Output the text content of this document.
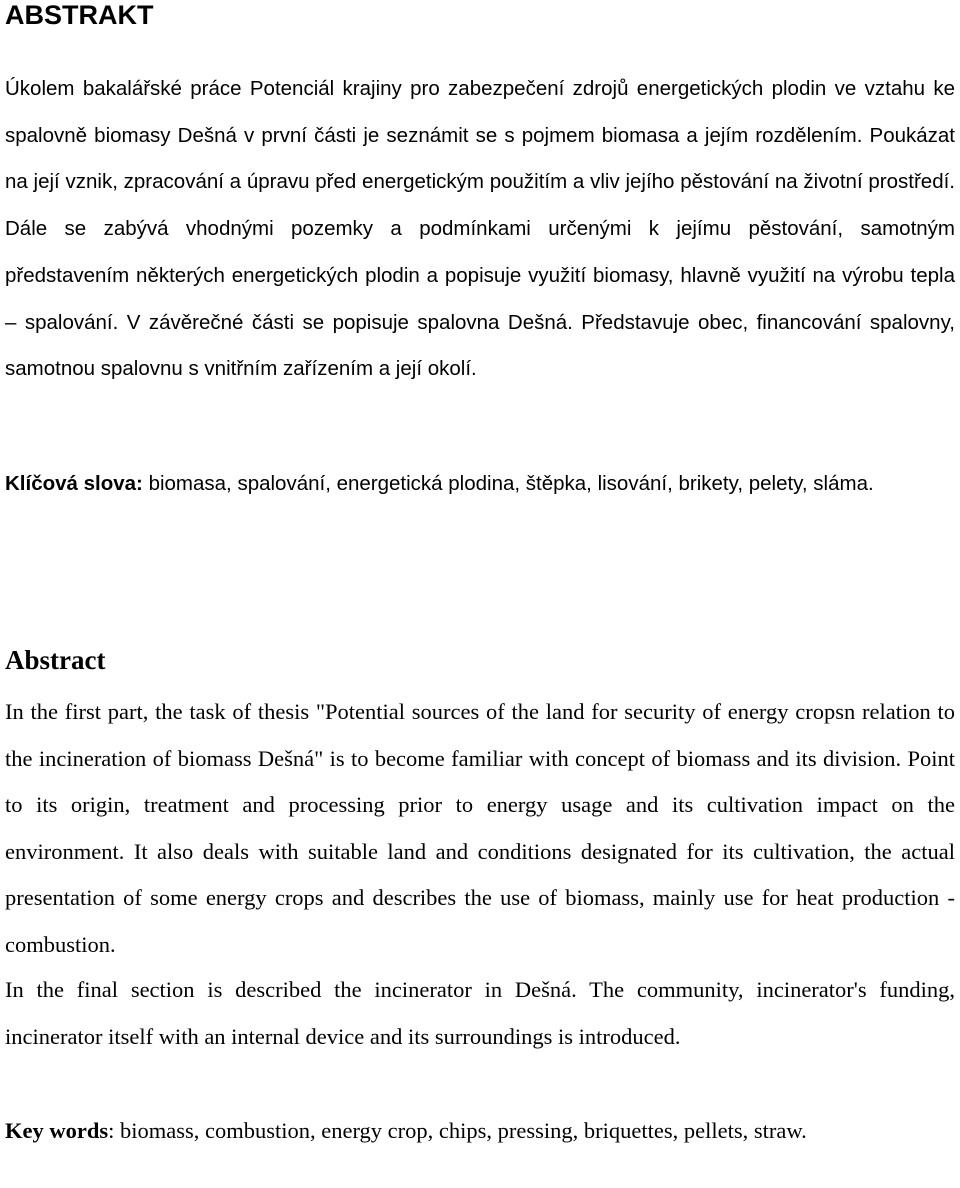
ABSTRAKT

Úkolem bakalářské práce Potenciál krajiny pro zabezpečení zdrojů energetických plodin ve vztahu ke spalovně biomasy Dešná v první části je seznámit se s pojmem biomasa a jejím rozdělením. Poukázat na její vznik, zpracování a úpravu před energetickým použitím a vliv jejího pěstování na životní prostředí. Dále se zabývá vhodnými pozemky a podmínkami určenými k jejímu pěstování, samotným představením některých energetických plodin a popisuje využití biomasy, hlavně využití na výrobu tepla – spalování. V závěrečné části se popisuje spalovna Dešná. Představuje obec, financování spalovny, samotnou spalovnu s vnitřním zařízením a její okolí.

Klíčová slova: biomasa, spalování, energetická plodina, štěpka, lisování, brikety, pelety, sláma.

Abstract

In the first part, the task of thesis "Potential sources of the land for security of energy cropsn relation to the incineration of biomass Dešná" is to become familiar with concept of biomass and its division. Point to its origin, treatment and processing prior to energy usage and its cultivation impact on the environment. It also deals with suitable land and conditions designated for its cultivation, the actual presentation of some energy crops and describes the use of biomass, mainly use for heat production - combustion.

In the final section is described the incinerator in Dešná. The community, incinerator's funding, incinerator itself with an internal device and its surroundings is introduced.

Key words: biomass, combustion, energy crop, chips, pressing, briquettes, pellets, straw.
